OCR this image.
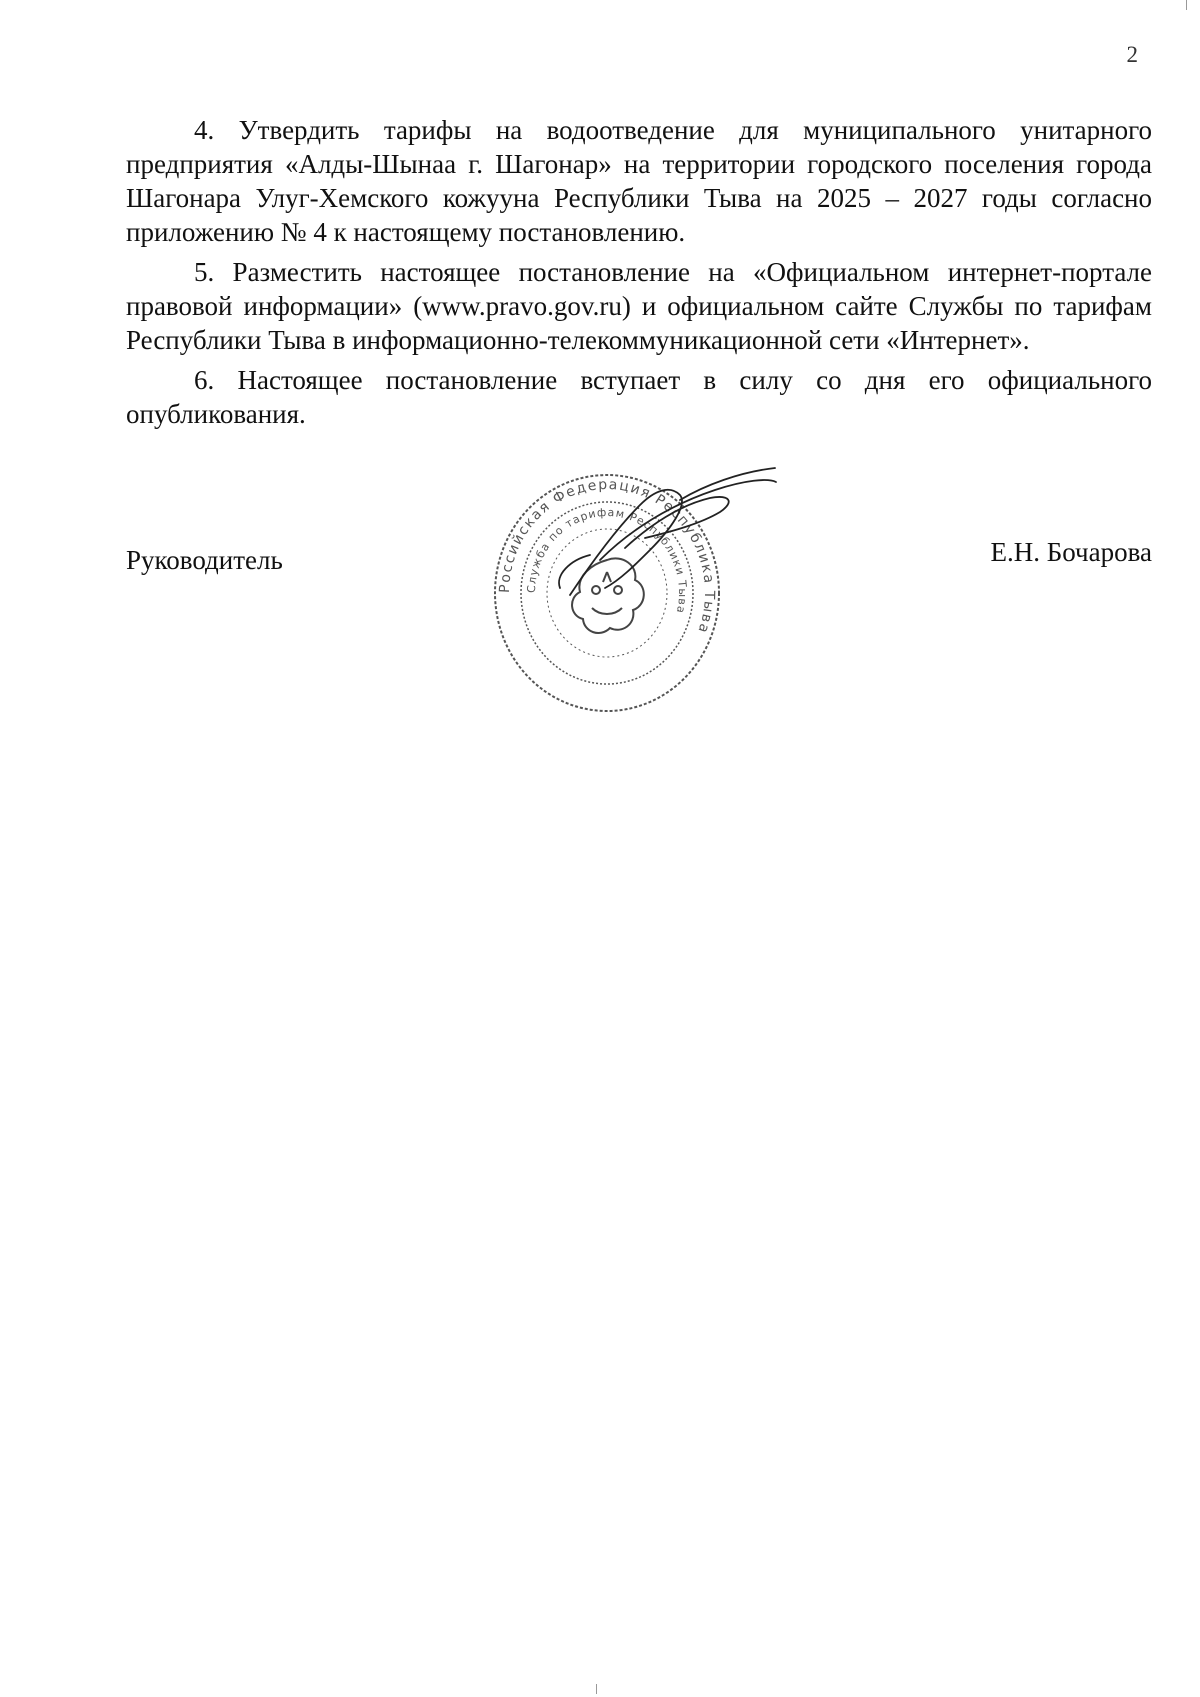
2

4. Утвердить тарифы на водоотведение для муниципального унитарного предприятия «Алды-Шынаа г. Шагонар» на территории городского поселения города Шагонара Улуг-Хемского кожууна Республики Тыва на 2025 – 2027 годы согласно приложению № 4 к настоящему постановлению.

5. Разместить настоящее постановление на «Официальном интернет-портале правовой информации» (www.pravo.gov.ru) и официальном сайте Службы по тарифам Республики Тыва в информационно-телекоммуникационной сети «Интернет».

6. Настоящее постановление вступает в силу со дня его официального опубликования.

Руководитель	Е.Н. Бочарова
Российская Федерация Республика Тыва
Служба по тарифам Республики Тыва
